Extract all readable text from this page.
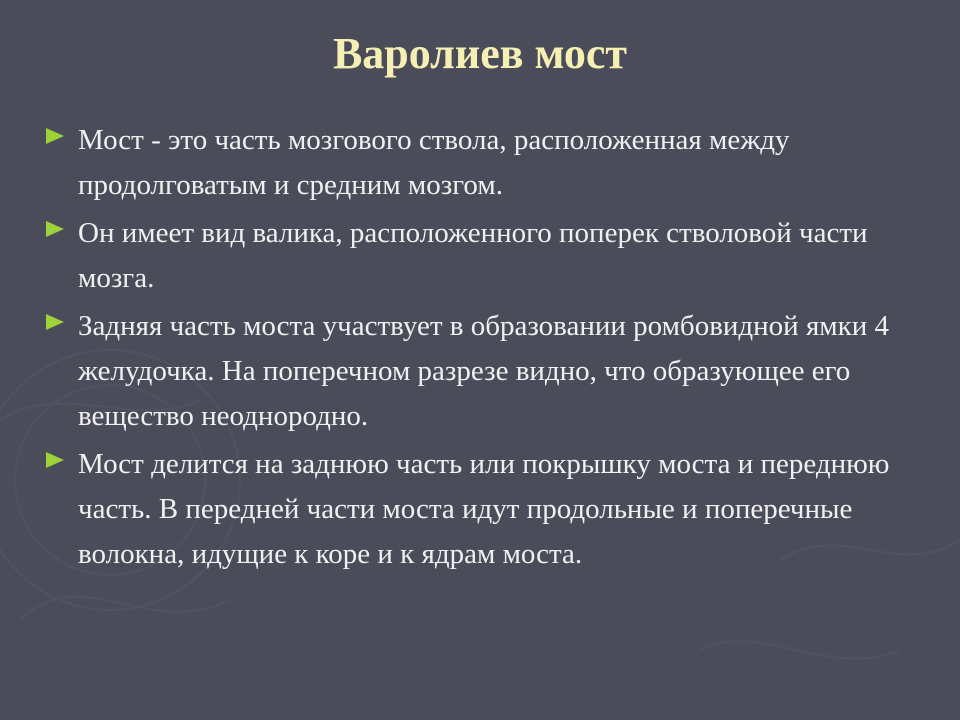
Варолиев мост
Мост - это часть мозгового ствола, расположенная между продолговатым и средним мозгом.
Он имеет вид валика, расположенного поперек стволовой части мозга.
Задняя часть моста участвует в образовании ромбовидной ямки 4 желудочка. На поперечном разрезе видно, что образующее его вещество неоднородно.
Мост делится на заднюю часть или покрышку моста и переднюю часть. В передней части моста идут продольные и поперечные волокна, идущие к коре и к ядрам моста.
